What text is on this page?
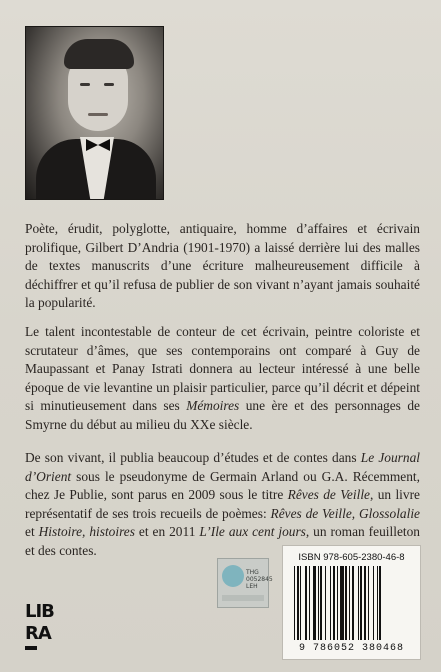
Poète, érudit, polyglotte, antiquaire, homme d’affaires et écrivain prolifique, Gilbert D’Andria (1901-1970) a laissé derrière lui des malles de textes manuscrits d’une écriture malheureusement difficile à déchiffrer et qu’il refusa de publier de son vivant n’ayant jamais souhaité la popularité.
Le talent incontestable de conteur de cet écrivain, peintre coloriste et scrutateur d’âmes, que ses contemporains ont comparé à Guy de Maupassant et Panay Istrati donnera au lecteur intéressé à une belle époque de vie levantine un plaisir particulier, parce qu’il décrit et dépeint si minutieusement dans ses Mémoires une ère et des personnages de Smyrne du début au milieu du XXe siècle.
De son vivant, il publia beaucoup d’études et de contes dans Le Journal d’Orient sous le pseudonyme de Germain Arland ou G.A. Récemment, chez Je Publie, sont parus en 2009 sous le titre Rêves de Veille, un livre représentatif de ses trois recueils de poèmes: Rêves de Veille, Glossolalie et Histoire, histoires et en 2011 L’Ile aux cent jours, un roman feuilleton et des contes.
THG
0052845
LEH
ISBN 978-605-2380-46-8
9 786052 380468
LIB
RA
